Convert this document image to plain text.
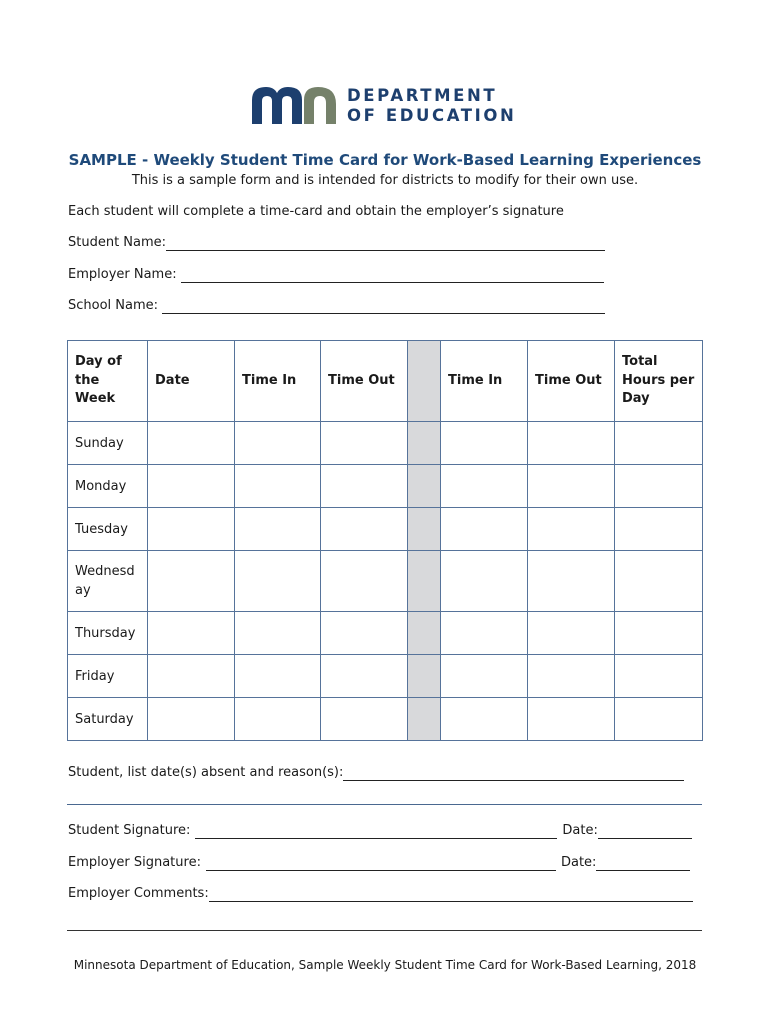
DEPARTMENT
OF EDUCATION
SAMPLE - Weekly Student Time Card for Work-Based Learning Experiences
This is a sample form and is intended for districts to modify for their own use.
Each student will complete a time-card and obtain the employer’s signature
Student Name:
Employer Name:
School Name:
Day of the Week	Date	Time In	Time Out		Time In	Time Out	Total Hours per Day
Sunday							
Monday							
Tuesday							
Wednesday							
Thursday							
Friday							
Saturday							
Student, list date(s) absent and reason(s):
Student Signature:	Date:
Employer Signature:	Date:
Employer Comments:
Minnesota Department of Education, Sample Weekly Student Time Card for Work-Based Learning, 2018
